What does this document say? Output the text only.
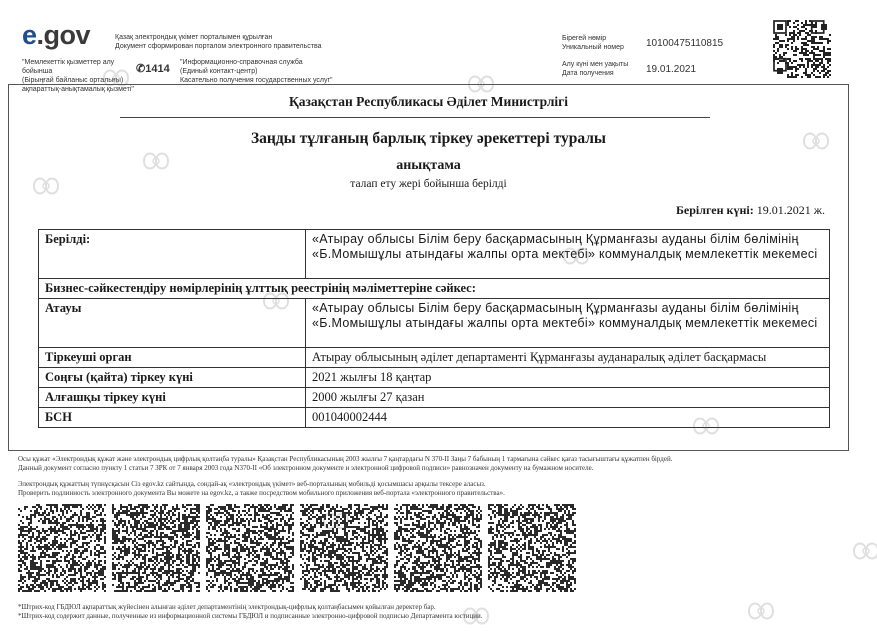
e.gov	Қазақ электрондық үкімет порталымен құрылған
Документ сформирован порталом электронного правительства
"Мемлекеттік қызметтер алу бойынша
(Бірыңғай байланыс орталығы)
ақпараттық-анықтамалық қызметі"
✆1414
"Информационно-справочная служба
(Единый контакт-центр)
Касательно получения государственных услуг"
Бірегей нөмір
Уникальный номер 10100475110815
Алу күні мен уақыты
Дата получения	19.01.2021
Қазақстан Республикасы Әділет Министрлігі
Заңды тұлғаның барлық тіркеу әрекеттері туралы
анықтама
талап ету жері бойынша берілді
Берілген күні: 19.01.2021 ж.
Берілді:	«Атырау облысы Білім беру басқармасының Құрманғазы ауданы білім бөлімінің «Б.Момышұлы атындағы жалпы орта мектебі» коммуналдық мемлекеттік мекемесі
Бизнес-сәйкестендіру нөмірлерінің ұлттық реестрінің мәліметтеріне сәйкес:	
Атауы	«Атырау облысы Білім беру басқармасының Құрманғазы ауданы білім бөлімінің «Б.Момышұлы атындағы жалпы орта мектебі» коммуналдық мемлекеттік мекемесі
Тіркеуші орган	Атырау облысының әділет департаменті Құрманғазы ауданаралық әділет басқармасы
Соңғы (қайта) тіркеу күні	2021 жылғы 18 қаңтар
Алғашқы тіркеу күні	2000 жылғы 27 қазан
БСН	001040002444
Осы құжат «Электрондық құжат және электрондық цифрлық қолтаңба туралы» Қазақстан Республикасының 2003 жылғы 7 қаңтардағы N 370-II Заңы 7 бабының 1 тармағына сәйкес қағаз тасығыштағы құжатпен бірдей.
Данный документ согласно пункту 1 статьи 7 ЗРК от 7 января 2003 года N370-II «Об электронном документе и электронной цифровой подписи» равнозначен документу на бумажном носителе.
Электрондық құжаттың түпнұсқасын Сіз egov.kz сайтында, сондай-ақ «электрондық үкімет» веб-порталының мобильді қосымшасы арқылы тексере аласыз.
Проверить подлинность электронного документа Вы можете на egov.kz, а также посредством мобильного приложения веб-портала «электронного правительства».
*Штрих-код ГБДЮЛ ақпараттық жүйесінен алынған әділет департаментінің электрондық-цифрлық қолтаңбасымен қойылған деректер бар.
*Штрих-код содержит данные, полученные из информационной системы ГБДЮЛ и подписанные электронно-цифровой подписью Департамента юстиции.
